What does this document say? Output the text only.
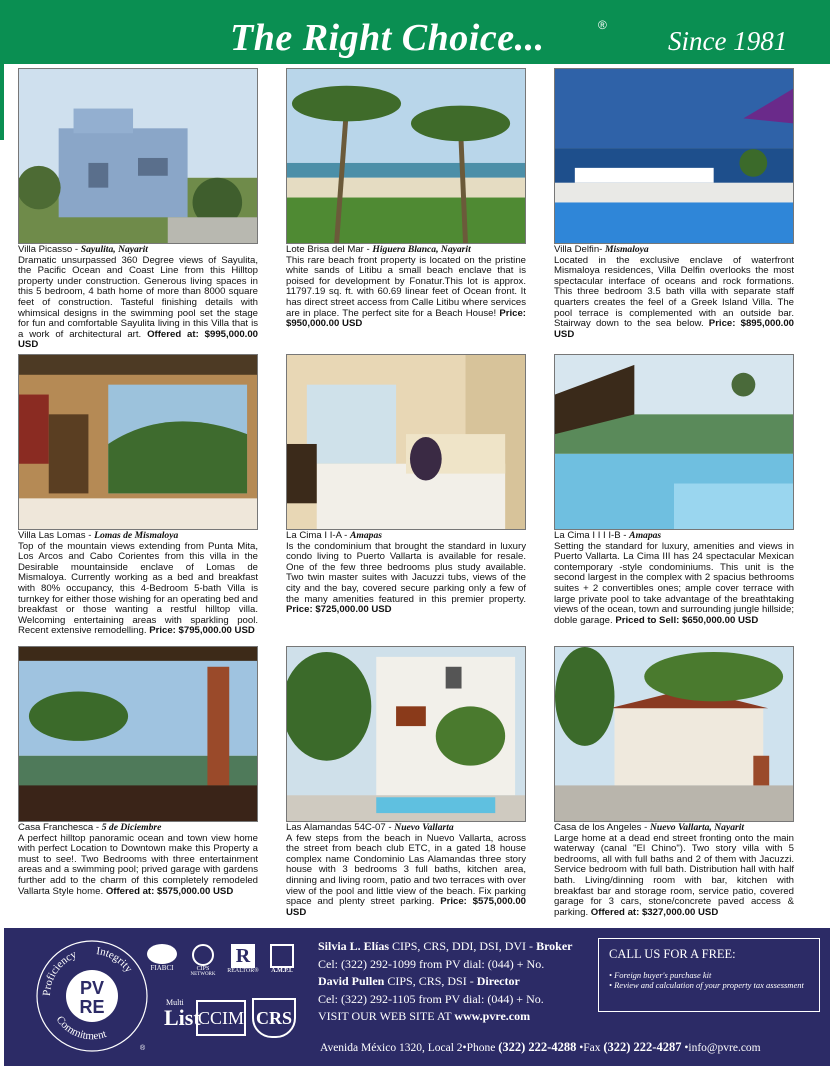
The Right Choice...	®
Since 1981
Villa Picasso - Sayulita, Nayarit
Dramatic unsurpassed 360 Degree views of Sayulita, the Pacific Ocean and Coast Line from this Hilltop property under construction. Generous living spaces in this 5 bedroom, 4 bath home of more than 8000 square feet of construction. Tasteful finishing details with whimsical designs in the swimming pool set the stage for fun and comfortable Sayulita living in this Villa that is a work of architectural art. Offered at: $995,000.00 USD
Lote Brisa del Mar - Higuera Blanca, Nayarit
This rare beach front property is located on the pristine white sands of Litibu a small beach enclave that is poised for development by Fonatur.This lot is approx. 11797.19 sq. ft. with 60.69 linear feet of Ocean front. It has direct street access from Calle Litibu where services are in place. The perfect site for a Beach House! Price: $950,000.00 USD
Villa Delfin- Mismaloya
Located in the exclusive enclave of waterfront Mismaloya residences, Villa Delfin overlooks the most spectacular interface of oceans and rock formations. This three bedroom 3.5 bath villa with separate staff quarters creates the feel of a Greek Island Villa. The pool terrace is complemented with an outside bar. Stairway down to the sea below. Price: $895,000.00 USD
Villa Las Lomas - Lomas de Mismaloya
Top of the mountain views extending from Punta Mita, Los Arcos and Cabo Corientes from this villa in the Desirable mountainside enclave of Lomas de Mismaloya. Currently working as a bed and breakfast with 80% occupancy, this 4-Bedroom 5-bath Villa is turnkey for either those wishing for an operating bed and breakfast or those wanting a restful hilltop villa. Welcoming entertaining areas with sparkling pool. Recent extensive remodelling. Price: $795,000.00 USD
La Cima I I-A - Amapas
Is the condominium that brought the standard in luxury condo living to Puerto Vallarta is available for resale. One of the few three bedrooms plus study available. Two twin master suites with Jacuzzi tubs, views of the city and the bay, covered secure parking only a few of the many amenities featured in this premier property. Price: $725,000.00 USD
La Cima I I I I-B - Amapas
Setting the standard for luxury, amenities and views in Puerto Vallarta. La Cima III has 24 spectacular Mexican contemporary -style condominiums. This unit is the second largest in the complex with 2 spacius bethrooms suites + 2 convertibles ones; ample cover terrace with large private pool to take advantage of the breathtaking views of the ocean, town and surrounding jungle hillside; doble garage. Priced to Sell: $650,000.00 USD
Casa Franchesca - 5 de Diciembre
A perfect hilltop panoramic ocean and town view home with perfect Location to Downtown make this Property a must to see!. Two Bedrooms with three entertainment areas and a swimming pool; prived garage with gardens further add to the charm of this completely remodeled Vallarta Style home. Offered at: $575,000.00 USD
Las Alamandas 54C-07 - Nuevo Vallarta
A few steps from the beach in Nuevo Vallarta, across the street from beach club ETC, in a gated 18 house complex name Condominio Las Alamandas three story house with 3 bedrooms 3 full baths, kitchen area, dinning and living room, patio and two terraces with over view of the pool and little view of the beach. Fix parking space and plenty street parking. Price: $575,000.00 USD
Casa de los Angeles - Nuevo Vallarta, Nayarit
Large home at a dead end street fronting onto the main waterway (canal "El Chino"). Two story villa with 5 bedrooms, all with full baths and 2 of them with Jacuzzi. Service bedroom with full bath. Distribution hall with half bath. Living/dinning room with bar, kitchen with breakfast bar and storage room, service patio, covered garage for 3 cars, stone/concrete paved access & parking. Offered at: $327,000.00 USD
Proficiency Integrity
Commitment
PV
RE
®
FIABCI	CIPS
NETWORK
R
REALTOR®	A.M.P.I.
Multi
List
CCIM CRS
Silvia L. Elías CIPS, CRS, DDI, DSI, DVI - Broker
Cel: (322) 292-1099 from PV dial: (044) + No.
David Pullen CIPS, CRS, DSI - Director
Cel: (322) 292-1105 from PV dial: (044) + No.
VISIT OUR WEB SITE AT www.pvre.com
CALL US FOR A FREE:
• Foreign buyer's purchase kit
• Review and calculation of your property tax assessment
Avenida México 1320, Local 2•Phone (322) 222-4288 •Fax (322) 222-4287 •info@pvre.com
